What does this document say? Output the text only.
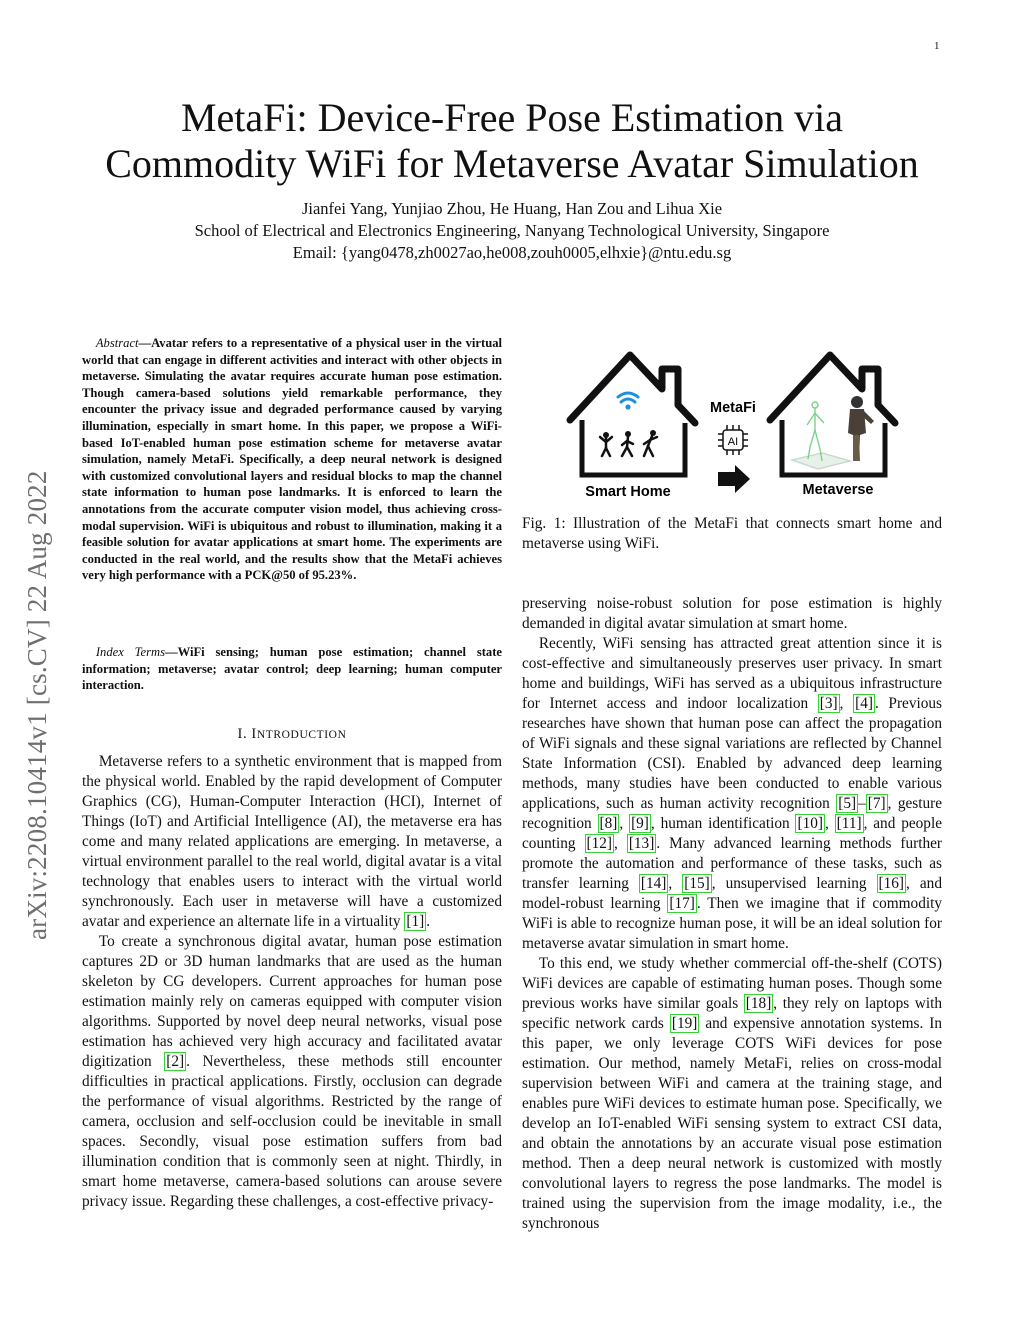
1
arXiv:2208.10414v1 [cs.CV] 22 Aug 2022
MetaFi: Device-Free Pose Estimation via
Commodity WiFi for Metaverse Avatar Simulation
Jianfei Yang, Yunjiao Zhou, He Huang, Han Zou and Lihua Xie
School of Electrical and Electronics Engineering, Nanyang Technological University, Singapore
Email: {yang0478,zh0027ao,he008,zouh0005,elhxie}@ntu.edu.sg
Abstract—Avatar refers to a representative of a physical user in the virtual world that can engage in different activities and interact with other objects in metaverse. Simulating the avatar requires accurate human pose estimation. Though camera-based solutions yield remarkable performance, they encounter the privacy issue and degraded performance caused by varying illumination, especially in smart home. In this paper, we propose a WiFi-based IoT-enabled human pose estimation scheme for metaverse avatar simulation, namely MetaFi. Specifically, a deep neural network is designed with customized convolutional layers and residual blocks to map the channel state information to human pose landmarks. It is enforced to learn the annotations from the accurate computer vision model, thus achieving cross-modal supervision. WiFi is ubiquitous and robust to illumination, making it a feasible solution for avatar applications at smart home. The experiments are conducted in the real world, and the results show that the MetaFi achieves very high performance with a PCK@50 of 95.23%.
Index Terms—WiFi sensing; human pose estimation; channel state information; metaverse; avatar control; deep learning; human computer interaction.
I. INTRODUCTION

Metaverse refers to a synthetic environment that is mapped from the physical world. Enabled by the rapid development of Computer Graphics (CG), Human-Computer Interaction (HCI), Internet of Things (IoT) and Artificial Intelligence (AI), the metaverse era has come and many related applications are emerging. In metaverse, a virtual environment parallel to the real world, digital avatar is a vital technology that enables users to interact with the virtual world synchronously. Each user in metaverse will have a customized avatar and experience an alternate life in a virtuality [1] .

To create a synchronous digital avatar, human pose estimation captures 2D or 3D human landmarks that are used as the human skeleton by CG developers. Current approaches for human pose estimation mainly rely on cameras equipped with computer vision algorithms. Supported by novel deep neural networks, visual pose estimation has achieved very high accuracy and facilitated avatar digitization [2] . Nevertheless, these methods still encounter difficulties in practical applications. Firstly, occlusion can degrade the performance of visual algorithms. Restricted by the range of camera, occlusion and self-occlusion could be inevitable in small spaces. Secondly, visual pose estimation suffers from bad illumination condition that is commonly seen at night. Thirdly, in smart home metaverse, camera-based solutions can arouse severe privacy issue. Regarding these challenges, a cost-effective privacy-

Smart Home
MetaFi
AI
Metaverse
Fig. 1: Illustration of the MetaFi that connects smart home and metaverse using WiFi.

preserving noise-robust solution for pose estimation is highly demanded in digital avatar simulation at smart home.

Recently, WiFi sensing has attracted great attention since it is cost-effective and simultaneously preserves user privacy. In smart home and buildings, WiFi has served as a ubiquitous infrastructure for Internet access and indoor localization [3] , [4] . Previous researches have shown that human pose can affect the propagation of WiFi signals and these signal variations are reflected by Channel State Information (CSI). Enabled by advanced deep learning methods, many studies have been conducted to enable various applications, such as human activity recognition [5] – [7] , gesture recognition [8] , [9] , human identification [10] , [11] , and people counting [12] , [13] . Many advanced learning methods further promote the automation and performance of these tasks, such as transfer learning [14] , [15] , unsupervised learning [16] , and model-robust learning [17] . Then we imagine that if commodity WiFi is able to recognize human pose, it will be an ideal solution for metaverse avatar simulation in smart home.

To this end, we study whether commercial off-the-shelf (COTS) WiFi devices are capable of estimating human poses. Though some previous works have similar goals [18] , they rely on laptops with specific network cards [19] and expensive annotation systems. In this paper, we only leverage COTS WiFi devices for pose estimation. Our method, namely MetaFi, relies on cross-modal supervision between WiFi and camera at the training stage, and enables pure WiFi devices to estimate human pose. Specifically, we develop an IoT-enabled WiFi sensing system to extract CSI data, and obtain the annotations by an accurate visual pose estimation method. Then a deep neural network is customized with mostly convolutional layers to regress the pose landmarks. The model is trained using the supervision from the image modality, i.e., the synchronous
